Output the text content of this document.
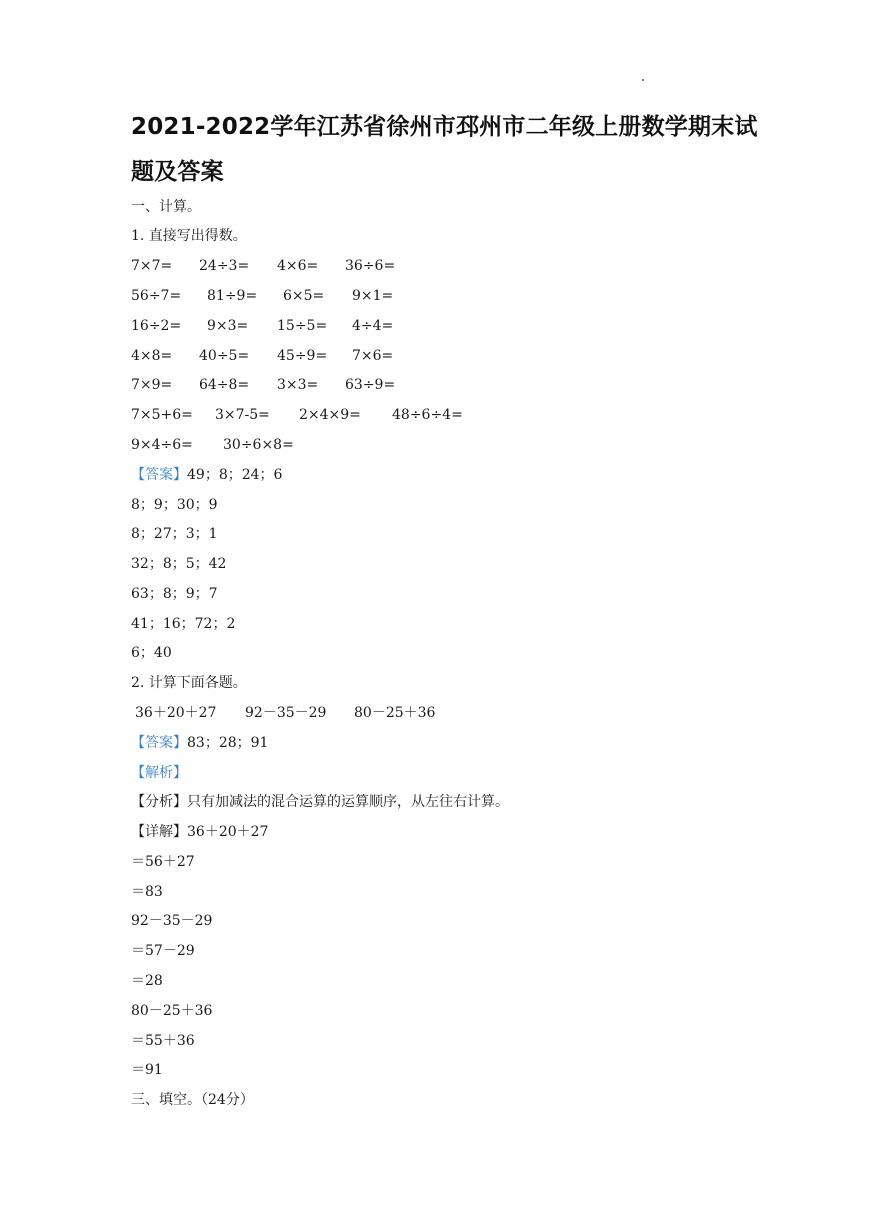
2021-2022学年江苏省徐州市邳州市二年级上册数学期末试
题及答案
一、计算。
1. 直接写出得数。
7×7= 24÷3= 4×6= 36÷6=
56÷7= 81÷9= 6×5= 9×1=
16÷2= 9×3= 15÷5= 4÷4=
4×8= 40÷5= 45÷9= 7×6=
7×9= 64÷8= 3×3= 63÷9=
7×5+6= 3×7-5= 2×4×9= 48÷6÷4=
9×4÷6= 30÷6×8=
【答案】49；8；24；6
8；9；30；9
8；27；3；1
32；8；5；42
63；8；9；7
41；16；72；2
6；40
2. 计算下面各题。
36＋20＋27 92－35－29 80－25＋36
【答案】83；28；91
【解析】
【分析】只有加减法的混合运算的运算顺序，从左往右计算。
【详解】36＋20＋27
＝56＋27
＝83
92－35－29
＝57－29
＝28
80－25＋36
＝55＋36
＝91
三、填空。（24分）
